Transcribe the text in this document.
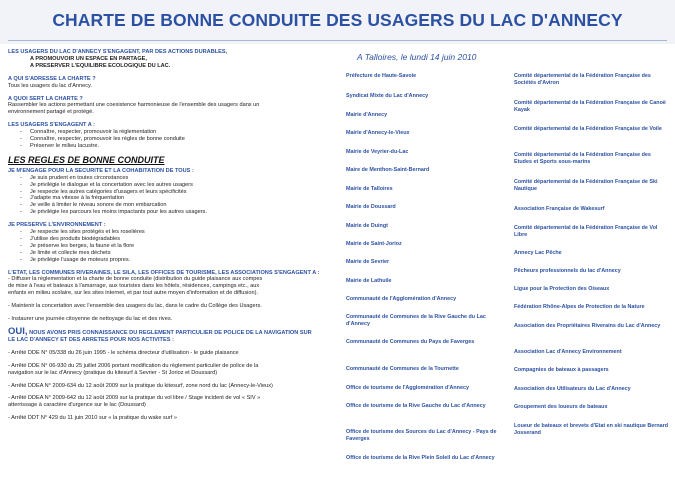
CHARTE DE BONNE CONDUITE DES USAGERS DU LAC D'ANNECY
LES USAGERS DU LAC D'ANNECY S'ENGAGENT, PAR DES ACTIONS DURABLES,
A PROMOUVOIR UN ESPACE EN PARTAGE,
A PRESERVER L'EQUILIBRE ECOLOGIQUE DU LAC.
A QUI S'ADRESSE LA CHARTE ?
Tous les usagers du lac d'Annecy.
A QUOI SERT LA CHARTE ?
Rassembler les actions permettant une coexistence harmonieuse de l'ensemble des usagers dans un
environnement partagé et protégé.
LES USAGERS S'ENGAGENT A :
- Connaître, respecter, promouvoir la réglementation
- Connaître, respecter, promouvoir les règles de bonne conduite
- Préserver le milieu lacustre.
LES REGLES DE BONNE CONDUITE
JE M'ENGAGE POUR LA SECURITE ET LA COHABITATION DE TOUS :
- Je suis prudent en toutes circonstances
- Je privilégie le dialogue et la concertation avec les autres usagers
- Je respecte les autres catégories d'usagers et leurs spécificités
- J'adapte ma vitesse à la fréquentation
- Je veille à limiter le niveau sonore de mon embarcation
- Je privilégie les parcours les moins impactants pour les autres usagers.
JE PRESERVE L'ENVIRONNEMENT :
- Je respecte les sites protégés et les roselières
- J'utilise des produits biodégradables
- Je préserve les berges, la faune et la flore
- Je limite et collecte mes déchets
- Je privilégie l'usage de moteurs propres.
L'ETAT, LES COMMUNES RIVERAINES, LE SILA, LES OFFICES DE TOURISME, LES ASSOCIATIONS S'ENGAGENT A :
- Diffuser la réglementation et la charte de bonne conduite (distribution du guide plaisance aux compes
de mise à l'eau et bateaux à l'amarrage, aux touristes dans les hôtels, résidences, campings etc., aux
enfants en milieu scolaire, sur les sites internet, et par tout autre moyen d'information et de diffusion).
- Maintenir la concertation avec l'ensemble des usagers du lac, dans le cadre du Collège des Usagers.
- Instaurer une journée citoyenne de nettoyage du lac et des rives.
OUI, NOUS AVONS PRIS CONNAISSANCE DU REGLEMENT PARTICULIER DE POLICE DE LA NAVIGATION SUR
LE LAC D'ANNECY ET DES ARRETES POUR NOS ACTIVITES :
- Arrêté DDE N° 05/338 du 26 juin 1995 - le schéma directeur d'utilisation - le guide plaisance
- Arrêté DDE N° 06-930 du 25 juillet 2006 portant modification du règlement particulier de police de la
navigation sur le lac d'Annecy (pratique du kitesurf à Sevrier - St Jorioz et Doussard)
- Arrêté DDEA N° 2009-634 du 12 août 2009 sur la pratique du kitesurf, zone nord du lac (Annecy-le-Vieux)
- Arrêté DDEA N° 2009-642 du 12 août 2009 sur la pratique du vol libre / Stage incident de vol « SIV »
atterrissage à caractère d'urgence sur le lac (Doussard)
- Arrêté DDT N° 429 du 11 juin 2010 sur « la pratique du wake surf »
A Talloires, le lundi 14 juin 2010
Préfecture de Haute-Savoie
Syndicat Mixte du Lac d'Annecy
Mairie d'Annecy
Mairie d'Annecy-le-Vieux
Mairie de Veyrier-du-Lac
Maire de Menthon-Saint-Bernard
Mairie de Talloires
Mairie de Doussard
Mairie de Duingt
Mairie de Saint-Jorioz
Mairie de Sevrier
Mairie de Lathuile
Communauté de l'Agglomération d'Annecy
Communauté de Communes de la Rive Gauche du Lac d'Annecy
Communauté de Communes du Pays de Faverges
Communauté de Communes de la Tournette
Office de tourisme de l'Agglomération d'Annecy
Office de tourisme de la Rive Gauche du Lac d'Annecy
Office de tourisme des Sources du Lac d'Annecy - Pays de Faverges
Office de tourisme de la Rive Plein Soleil du Lac d'Annecy
Comité départemental de la Fédération Française des Sociétés d'Aviron
Comité départemental de la Fédération Française de Canoë Kayak
Comité départemental de la Fédération Française de Voile
Comité départemental de la Fédération Française des Etudes et Sports sous-marins
Comité départemental de la Fédération Française de Ski Nautique
Association Française de Wakesurf
Comité départemental de la Fédération Française de Vol Libre
Annecy Lac Pêche
Pêcheurs professionnels du lac d'Annecy
Ligue pour la Protection des Oiseaux
Fédération Rhône-Alpes de Protection de la Nature
Association des Propriétaires Riverains du Lac d'Annecy
Association Lac d'Annecy Environnement
Compagnies de bateaux à passagers
Association des Utilisateurs du Lac d'Annecy
Groupement des loueurs de bateaux
Loueur de bateaux et brevets d'Etat en ski nautique Bernard Josserand
